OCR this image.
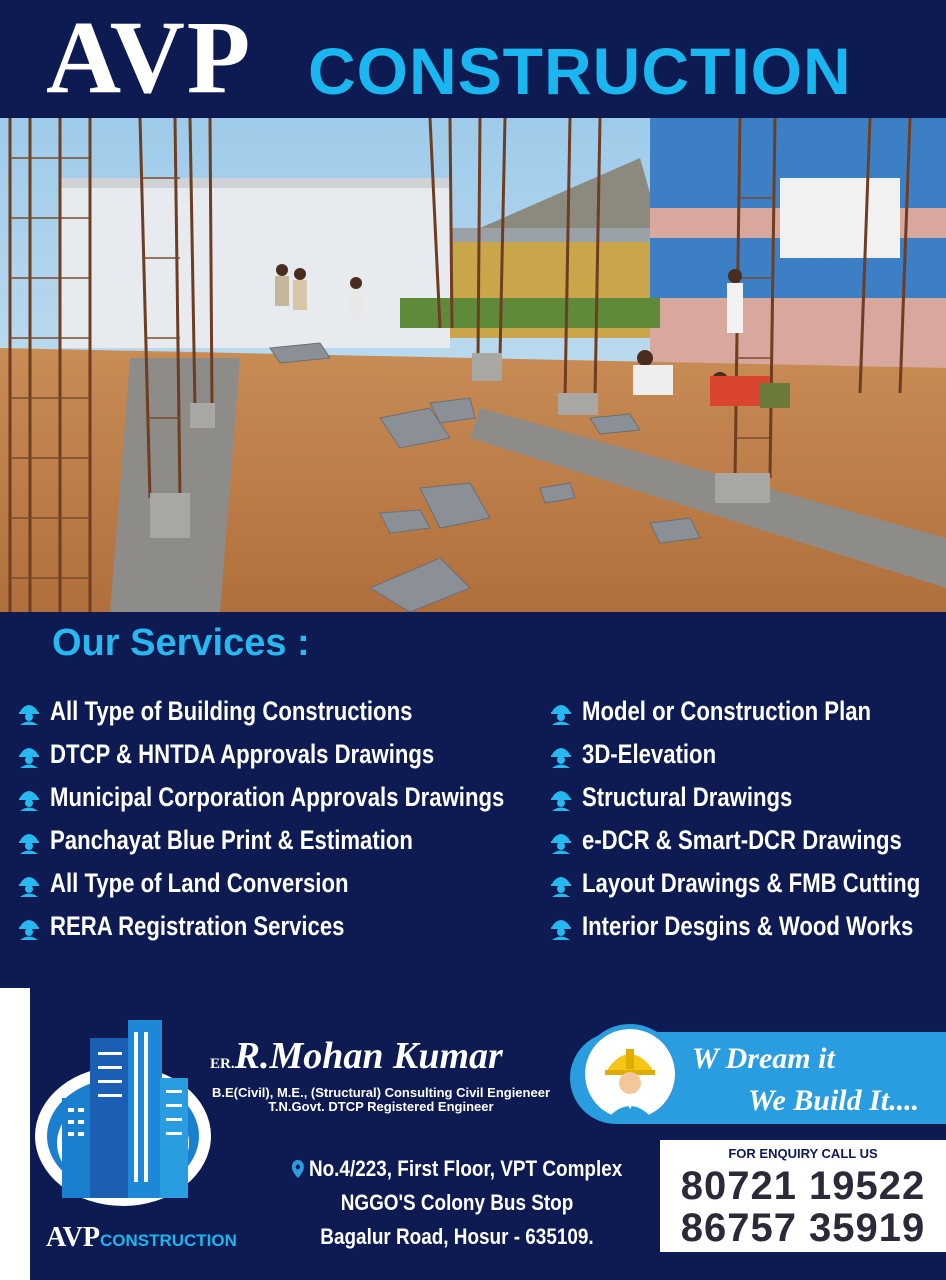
AVP CONSTRUCTION
Our Services :
All Type of Building Constructions
DTCP & HNTDA Approvals Drawings
Municipal Corporation Approvals Drawings
Panchayat Blue Print & Estimation
All Type of Land Conversion
RERA Registration Services
Model or Construction Plan
3D-Elevation
Structural Drawings
e-DCR & Smart-DCR Drawings
Layout Drawings & FMB Cutting
Interior Desgins & Wood Works
AVPCONSTRUCTION
ER.R.Mohan Kumar
B.E(Civil), M.E., (Structural) Consulting Civil Engieneer
T.N.Govt. DTCP Registered Engineer
W Dream it
We Build It....
No.4/223, First Floor, VPT Complex
NGGO'S Colony Bus Stop
Bagalur Road, Hosur - 635109.
FOR ENQUIRY CALL US
80721 19522
86757 35919
